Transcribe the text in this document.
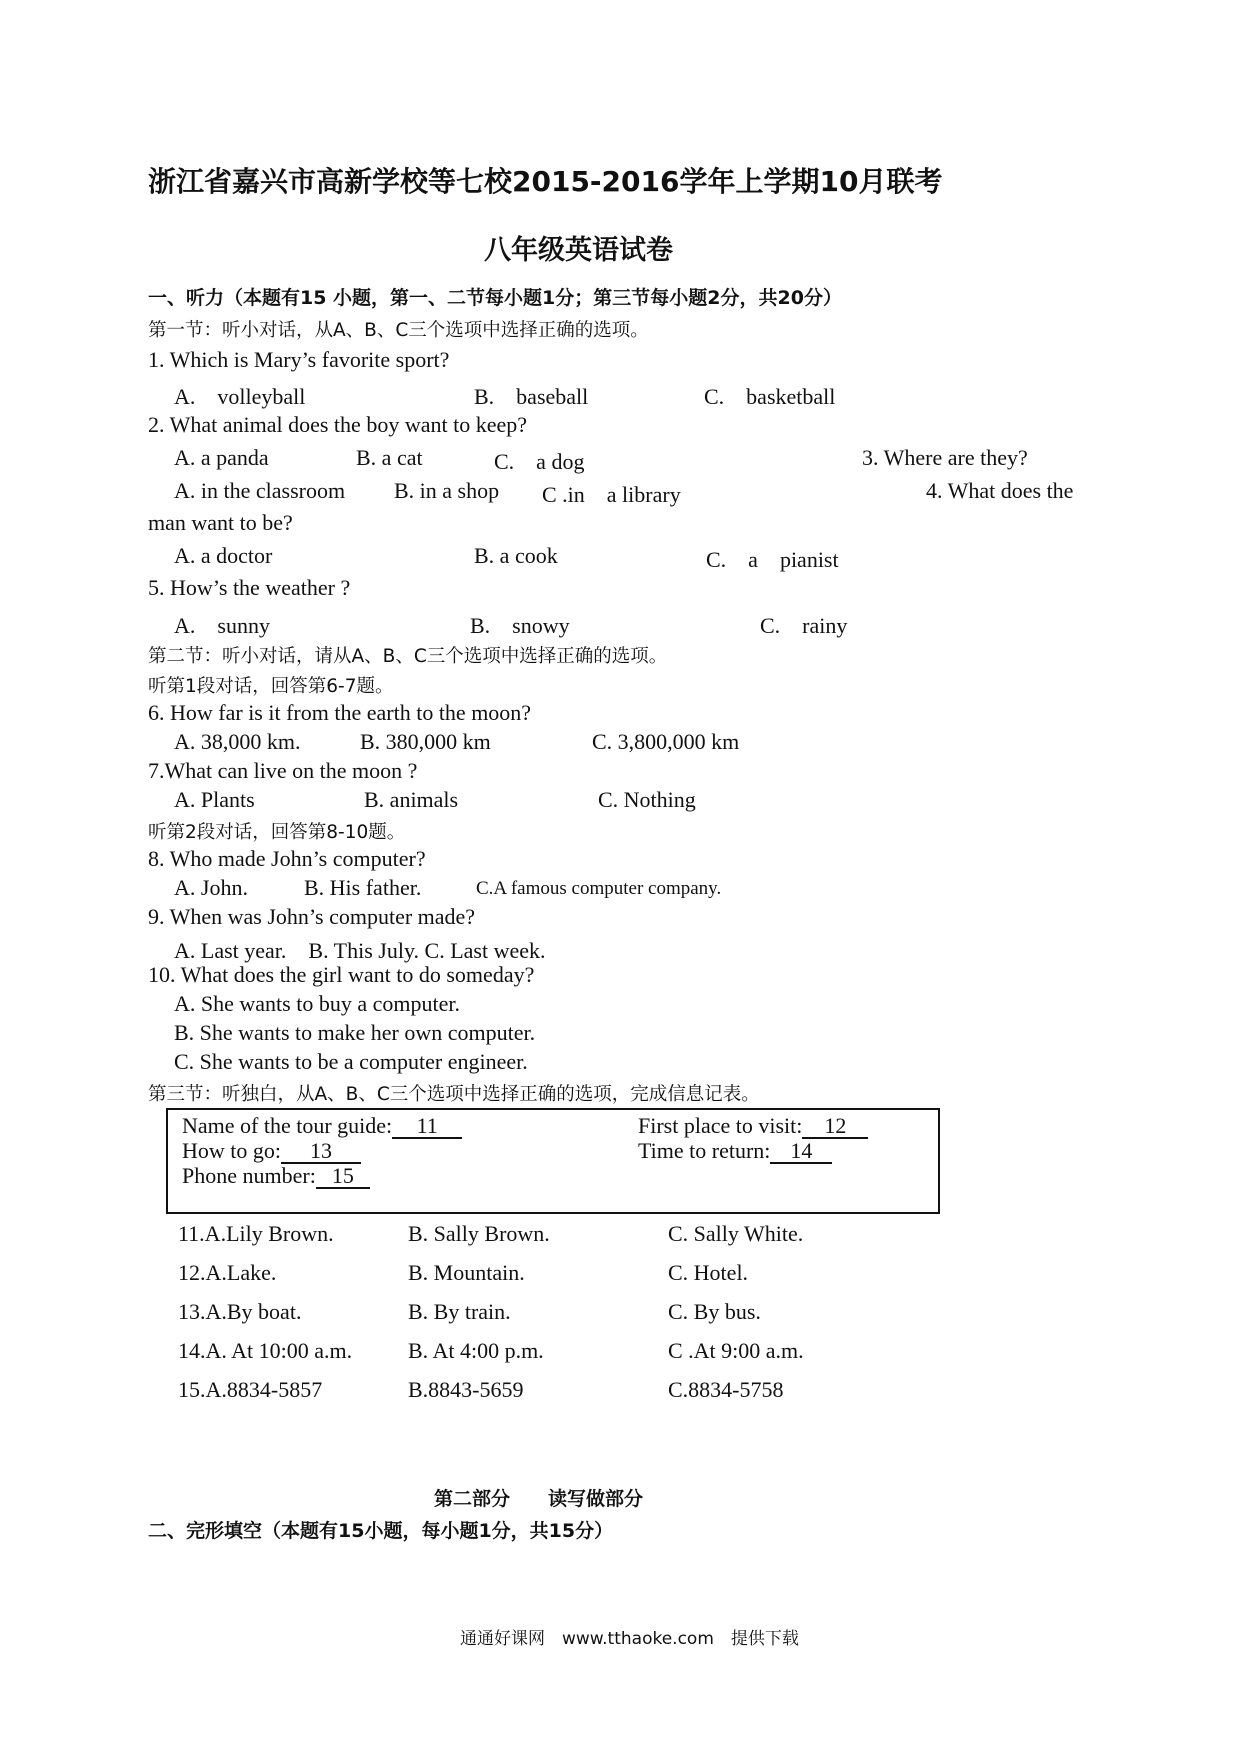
浙江省嘉兴市高新学校等七校2015-2016学年上学期10月联考
八年级英语试卷
一、听力（本题有15 小题，第一、二节每小题1分；第三节每小题2分，共20分）
第一节：听小对话，从A、B、C三个选项中选择正确的选项。
1. Which is Mary’s favorite sport?
A.　volleyball	B.　baseball	C.　basketball
2. What animal does the boy want to keep?
A. a panda	B. a cat	C.　a dog	3. Where are they?
A. in the classroom B. in a shop C .in　a library	4. What does the
man want to be?
A. a doctor	B. a cook	C.　a　pianist
5. How’s the weather ?
A.　sunny	B.　snowy	C.　rainy
第二节：听小对话，请从A、B、C三个选项中选择正确的选项。
听第1段对话，回答第6-7题。
6. How far is it from the earth to the moon?
A. 38,000 km.	B. 380,000 km	C. 3,800,000 km
7.What can live on the moon ?
A. Plants	B. animals	C. Nothing
听第2段对话，回答第8-10题。
8. Who made John’s computer?
A. John.	B. His father.	C.A famous computer company.
9. When was John’s computer made?
A. Last year.　B. This July. C. Last week.
10. What does the girl want to do someday?
A. She wants to buy a computer.
B. She wants to make her own computer.
C. She wants to be a computer engineer.
第三节：听独白，从A、B、C三个选项中选择正确的选项，完成信息记表。
Name of the tour guide: 11	First place to visit: 12
How to go: 13	Time to return: 14
Phone number: 15
11.A.Lily Brown.	B. Sally Brown.	C. Sally White.
12.A.Lake.	B. Mountain.	C. Hotel.
13.A.By boat.	B. By train.	C. By bus.
14.A. At 10:00 a.m.	B. At 4:00 p.m.	C .At 9:00 a.m.
15.A.8834-5857	B.8843-5659	C.8834-5758
第二部分　　读写做部分
二、完形填空（本题有15小题，每小题1分，共15分）
通通好课网　www.tthaoke.com　提供下载
